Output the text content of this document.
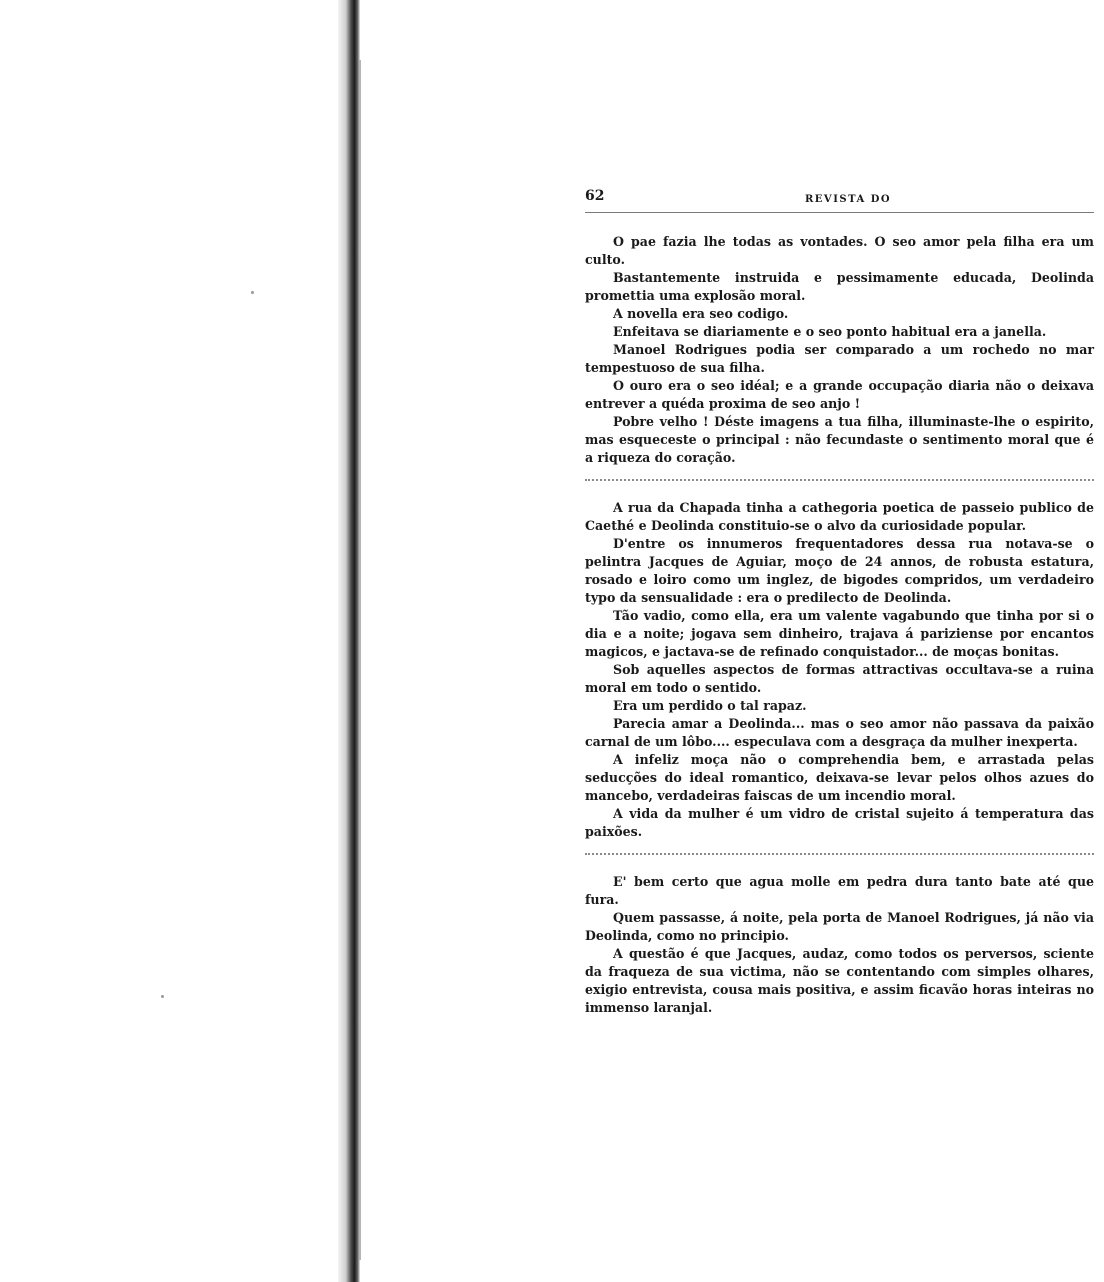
62	REVISTA DO

O pae fazia lhe todas as vontades. O seo amor pela filha era um culto.

Bastantemente instruida e pessimamente educada, Deolinda promettia uma explosão moral.

A novella era seo codigo.

Enfeitava se diariamente e o seo ponto habitual era a janella.

Manoel Rodrigues podia ser comparado a um rochedo no mar tempestuoso de sua filha.

O ouro era o seo idéal; e a grande occupação diaria não o deixava entrever a quéda proxima de seo anjo !

Pobre velho ! Déste imagens a tua filha, illuminaste-lhe o espirito, mas esqueceste o principal : não fecundaste o sentimento moral que é a riqueza do coração.

A rua da Chapada tinha a cathegoria poetica de passeio publico de Caethé e Deolinda constituio-se o alvo da curiosidade popular.

D'entre os innumeros frequentadores dessa rua notava-se o pelintra Jacques de Aguiar, moço de 24 annos, de robusta estatura, rosado e loiro como um inglez, de bigodes compridos, um verdadeiro typo da sensualidade : era o predilecto de Deolinda.

Tão vadio, como ella, era um valente vagabundo que tinha por si o dia e a noite; jogava sem dinheiro, trajava á pariziense por encantos magicos, e jactava-se de refinado conquistador... de moças bonitas.

Sob aquelles aspectos de formas attractivas occultava-se a ruina moral em todo o sentido.

Era um perdido o tal rapaz.

Parecia amar a Deolinda... mas o seo amor não passava da paixão carnal de um lôbo.... especulava com a desgraça da mulher inexperta.

A infeliz moça não o comprehendia bem, e arrastada pelas seducções do ideal romantico, deixava-se levar pelos olhos azues do mancebo, verdadeiras faiscas de um incendio moral.

A vida da mulher é um vidro de cristal sujeito á temperatura das paixões.

E' bem certo que agua molle em pedra dura tanto bate até que fura.

Quem passasse, á noite, pela porta de Manoel Rodrigues, já não via Deolinda, como no principio.

A questão é que Jacques, audaz, como todos os perversos, sciente da fraqueza de sua victima, não se contentando com simples olhares, exigio entrevista, cousa mais positiva, e assim ficavão horas inteiras no immenso laranjal.
